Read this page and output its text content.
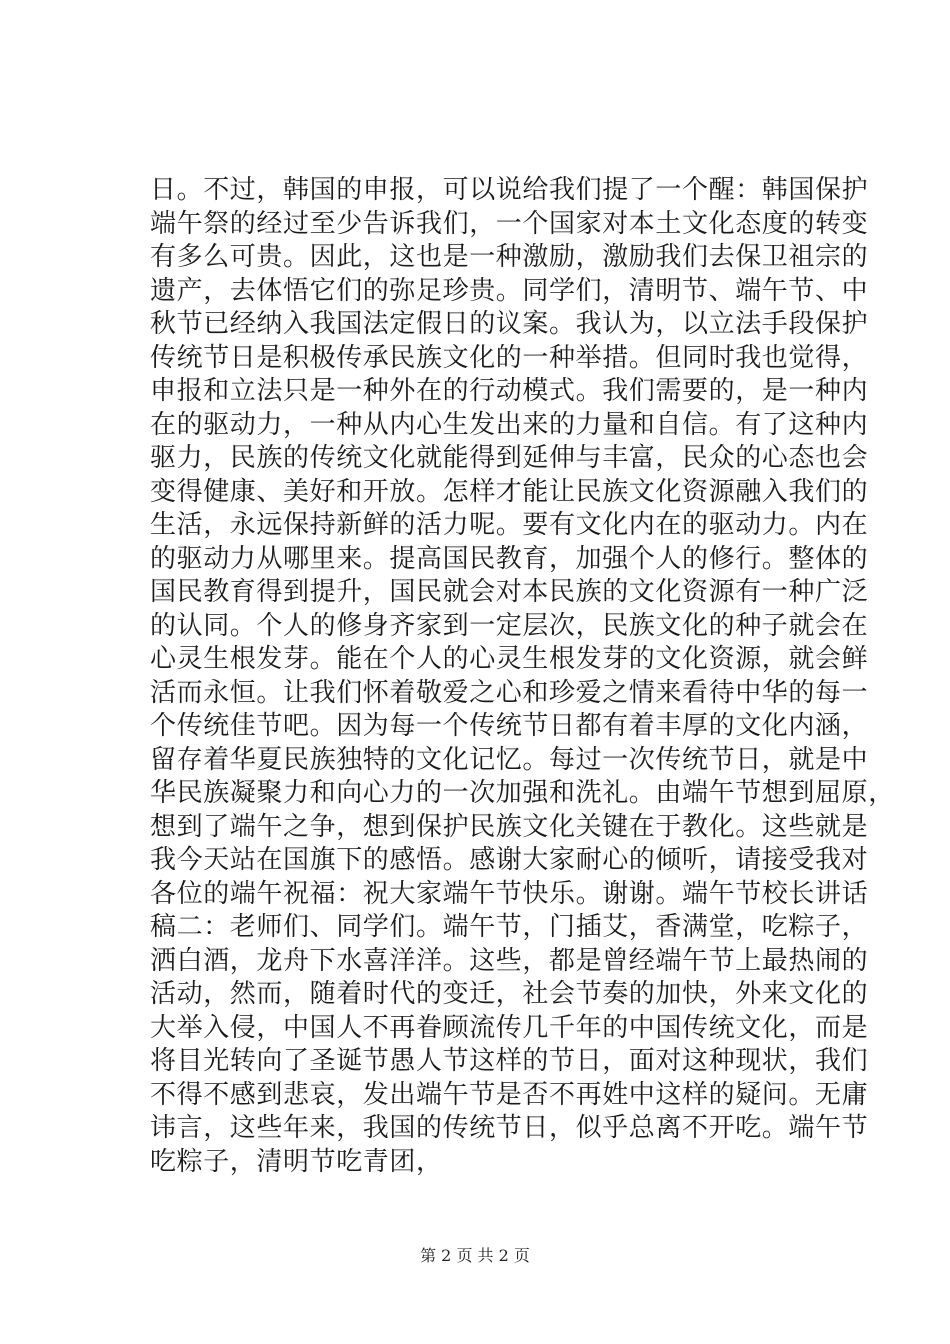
日。不过，韩国的申报，可以说给我们提了一个醒：韩国保护
端午祭的经过至少告诉我们，一个国家对本土文化态度的转变
有多么可贵。因此，这也是一种激励，激励我们去保卫祖宗的
遗产，去体悟它们的弥足珍贵。同学们，清明节、端午节、中
秋节已经纳入我国法定假日的议案。我认为，以立法手段保护
传统节日是积极传承民族文化的一种举措。但同时我也觉得，
申报和立法只是一种外在的行动模式。我们需要的，是一种内
在的驱动力，一种从内心生发出来的力量和自信。有了这种内
驱力，民族的传统文化就能得到延伸与丰富，民众的心态也会
变得健康、美好和开放。怎样才能让民族文化资源融入我们的
生活，永远保持新鲜的活力呢。要有文化内在的驱动力。内在
的驱动力从哪里来。提高国民教育，加强个人的修行。整体的
国民教育得到提升，国民就会对本民族的文化资源有一种广泛
的认同。个人的修身齐家到一定层次，民族文化的种子就会在
心灵生根发芽。能在个人的心灵生根发芽的文化资源，就会鲜
活而永恒。让我们怀着敬爱之心和珍爱之情来看待中华的每一
个传统佳节吧。因为每一个传统节日都有着丰厚的文化内涵，
留存着华夏民族独特的文化记忆。每过一次传统节日，就是中
华民族凝聚力和向心力的一次加强和洗礼。由端午节想到屈原，
想到了端午之争，想到保护民族文化关键在于教化。这些就是
我今天站在国旗下的感悟。感谢大家耐心的倾听，请接受我对
各位的端午祝福：祝大家端午节快乐。谢谢。端午节校长讲话
稿二：老师们、同学们。端午节，门插艾，香满堂，吃粽子，
洒白酒，龙舟下水喜洋洋。这些，都是曾经端午节上最热闹的
活动，然而，随着时代的变迁，社会节奏的加快，外来文化的
大举入侵，中国人不再眷顾流传几千年的中国传统文化，而是
将目光转向了圣诞节愚人节这样的节日，面对这种现状，我们
不得不感到悲哀，发出端午节是否不再姓中这样的疑问。无庸
讳言，这些年来，我国的传统节日，似乎总离不开吃。端午节
吃粽子，清明节吃青团，
第 2 页 共 2 页
